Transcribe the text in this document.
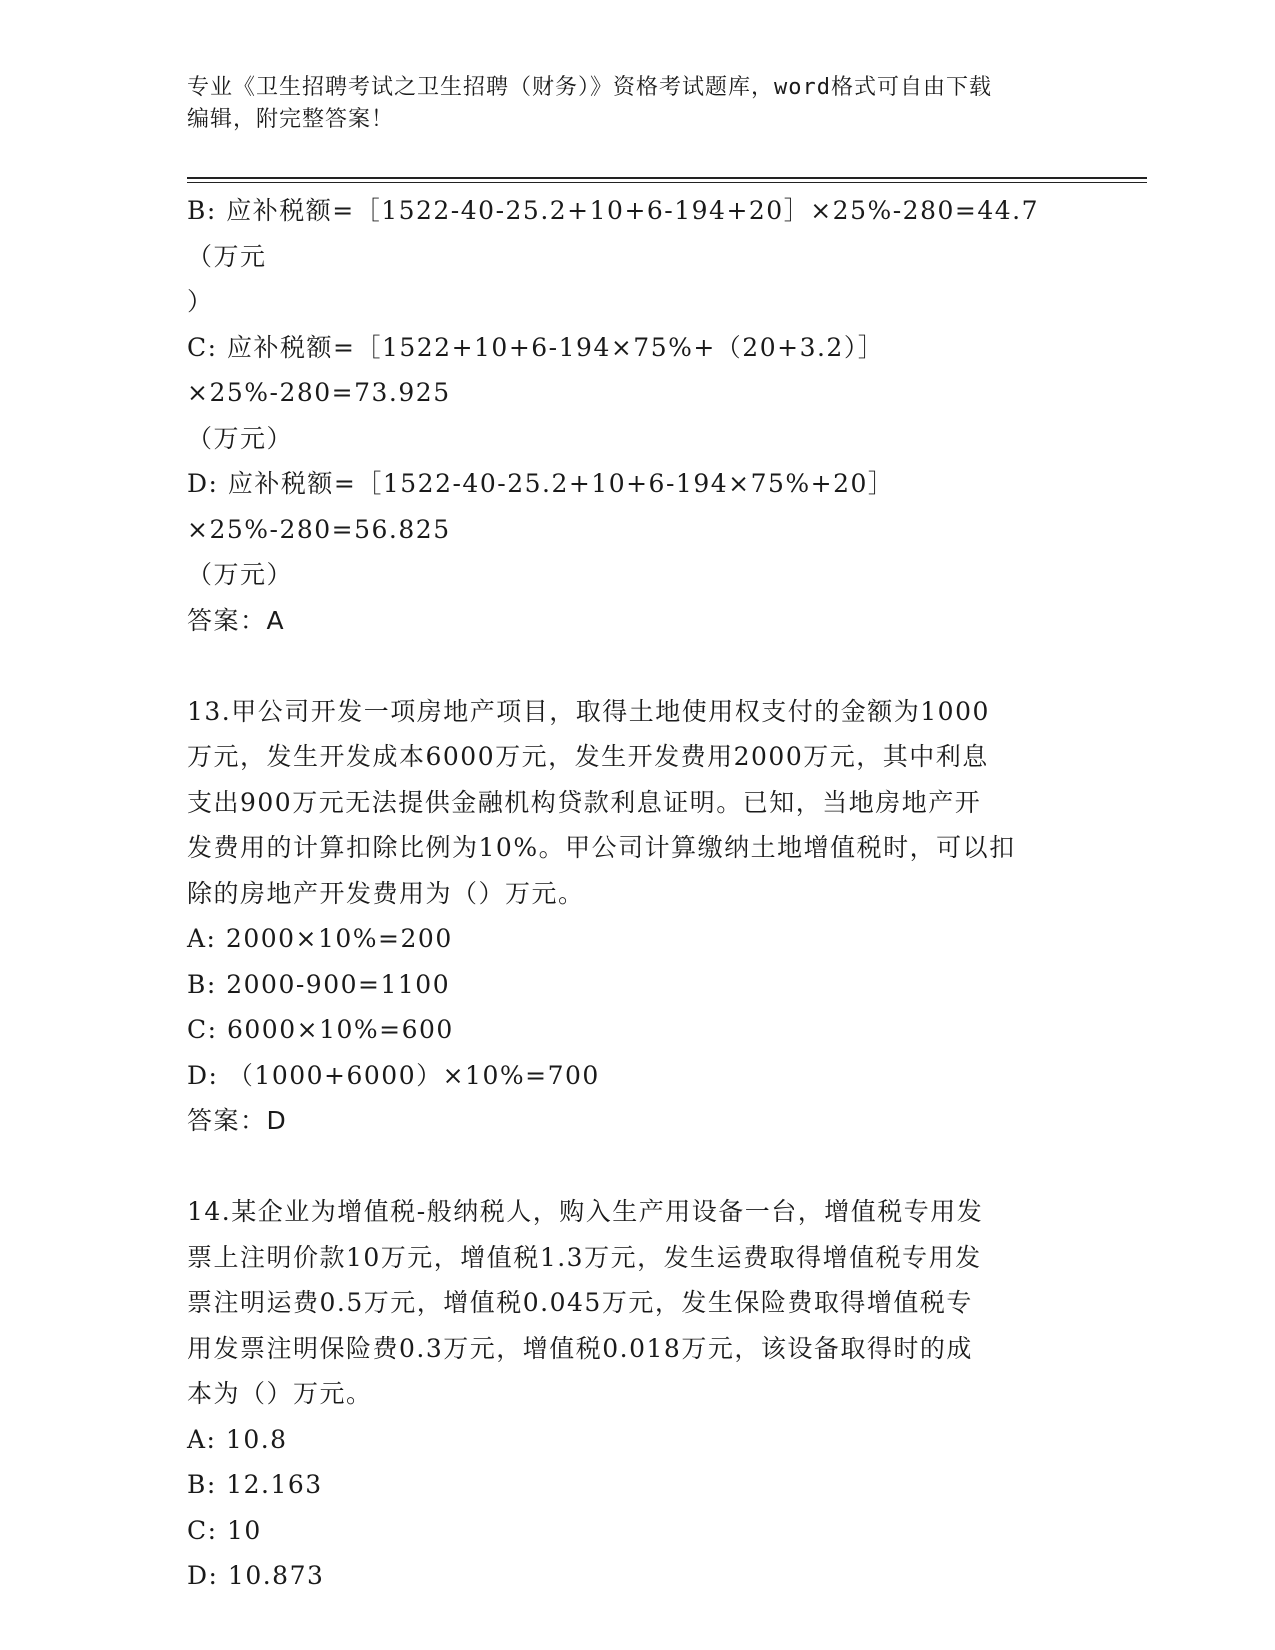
专业《卫生招聘考试之卫生招聘（财务）》资格考试题库，word格式可自由下载
编辑，附完整答案！
B: 应补税额=［1522-40-25.2+10+6-194+20］×25%-280=44.7（万元
）
C: 应补税额=［1522+10+6-194×75%+（20+3.2）］×25%-280=73.925
（万元）
D: 应补税额=［1522-40-25.2+10+6-194×75%+20］×25%-280=56.825
（万元）
答案：A
13.甲公司开发一项房地产项目，取得土地使用权支付的金额为1000
万元，发生开发成本6000万元，发生开发费用2000万元，其中利息
支出900万元无法提供金融机构贷款利息证明。已知，当地房地产开
发费用的计算扣除比例为10%。甲公司计算缴纳土地增值税时，可以扣
除的房地产开发费用为（）万元。
A: 2000×10%=200
B: 2000-900=1100
C: 6000×10%=600
D: （1000+6000）×10%=700
答案：D
14.某企业为增值税-般纳税人，购入生产用设备一台，增值税专用发
票上注明价款10万元，增值税1.3万元，发生运费取得增值税专用发
票注明运费0.5万元，增值税0.045万元，发生保险费取得增值税专
用发票注明保险费0.3万元，增值税0.018万元，该设备取得时的成
本为（）万元。
A: 10.8
B: 12.163
C: 10
D: 10.873
